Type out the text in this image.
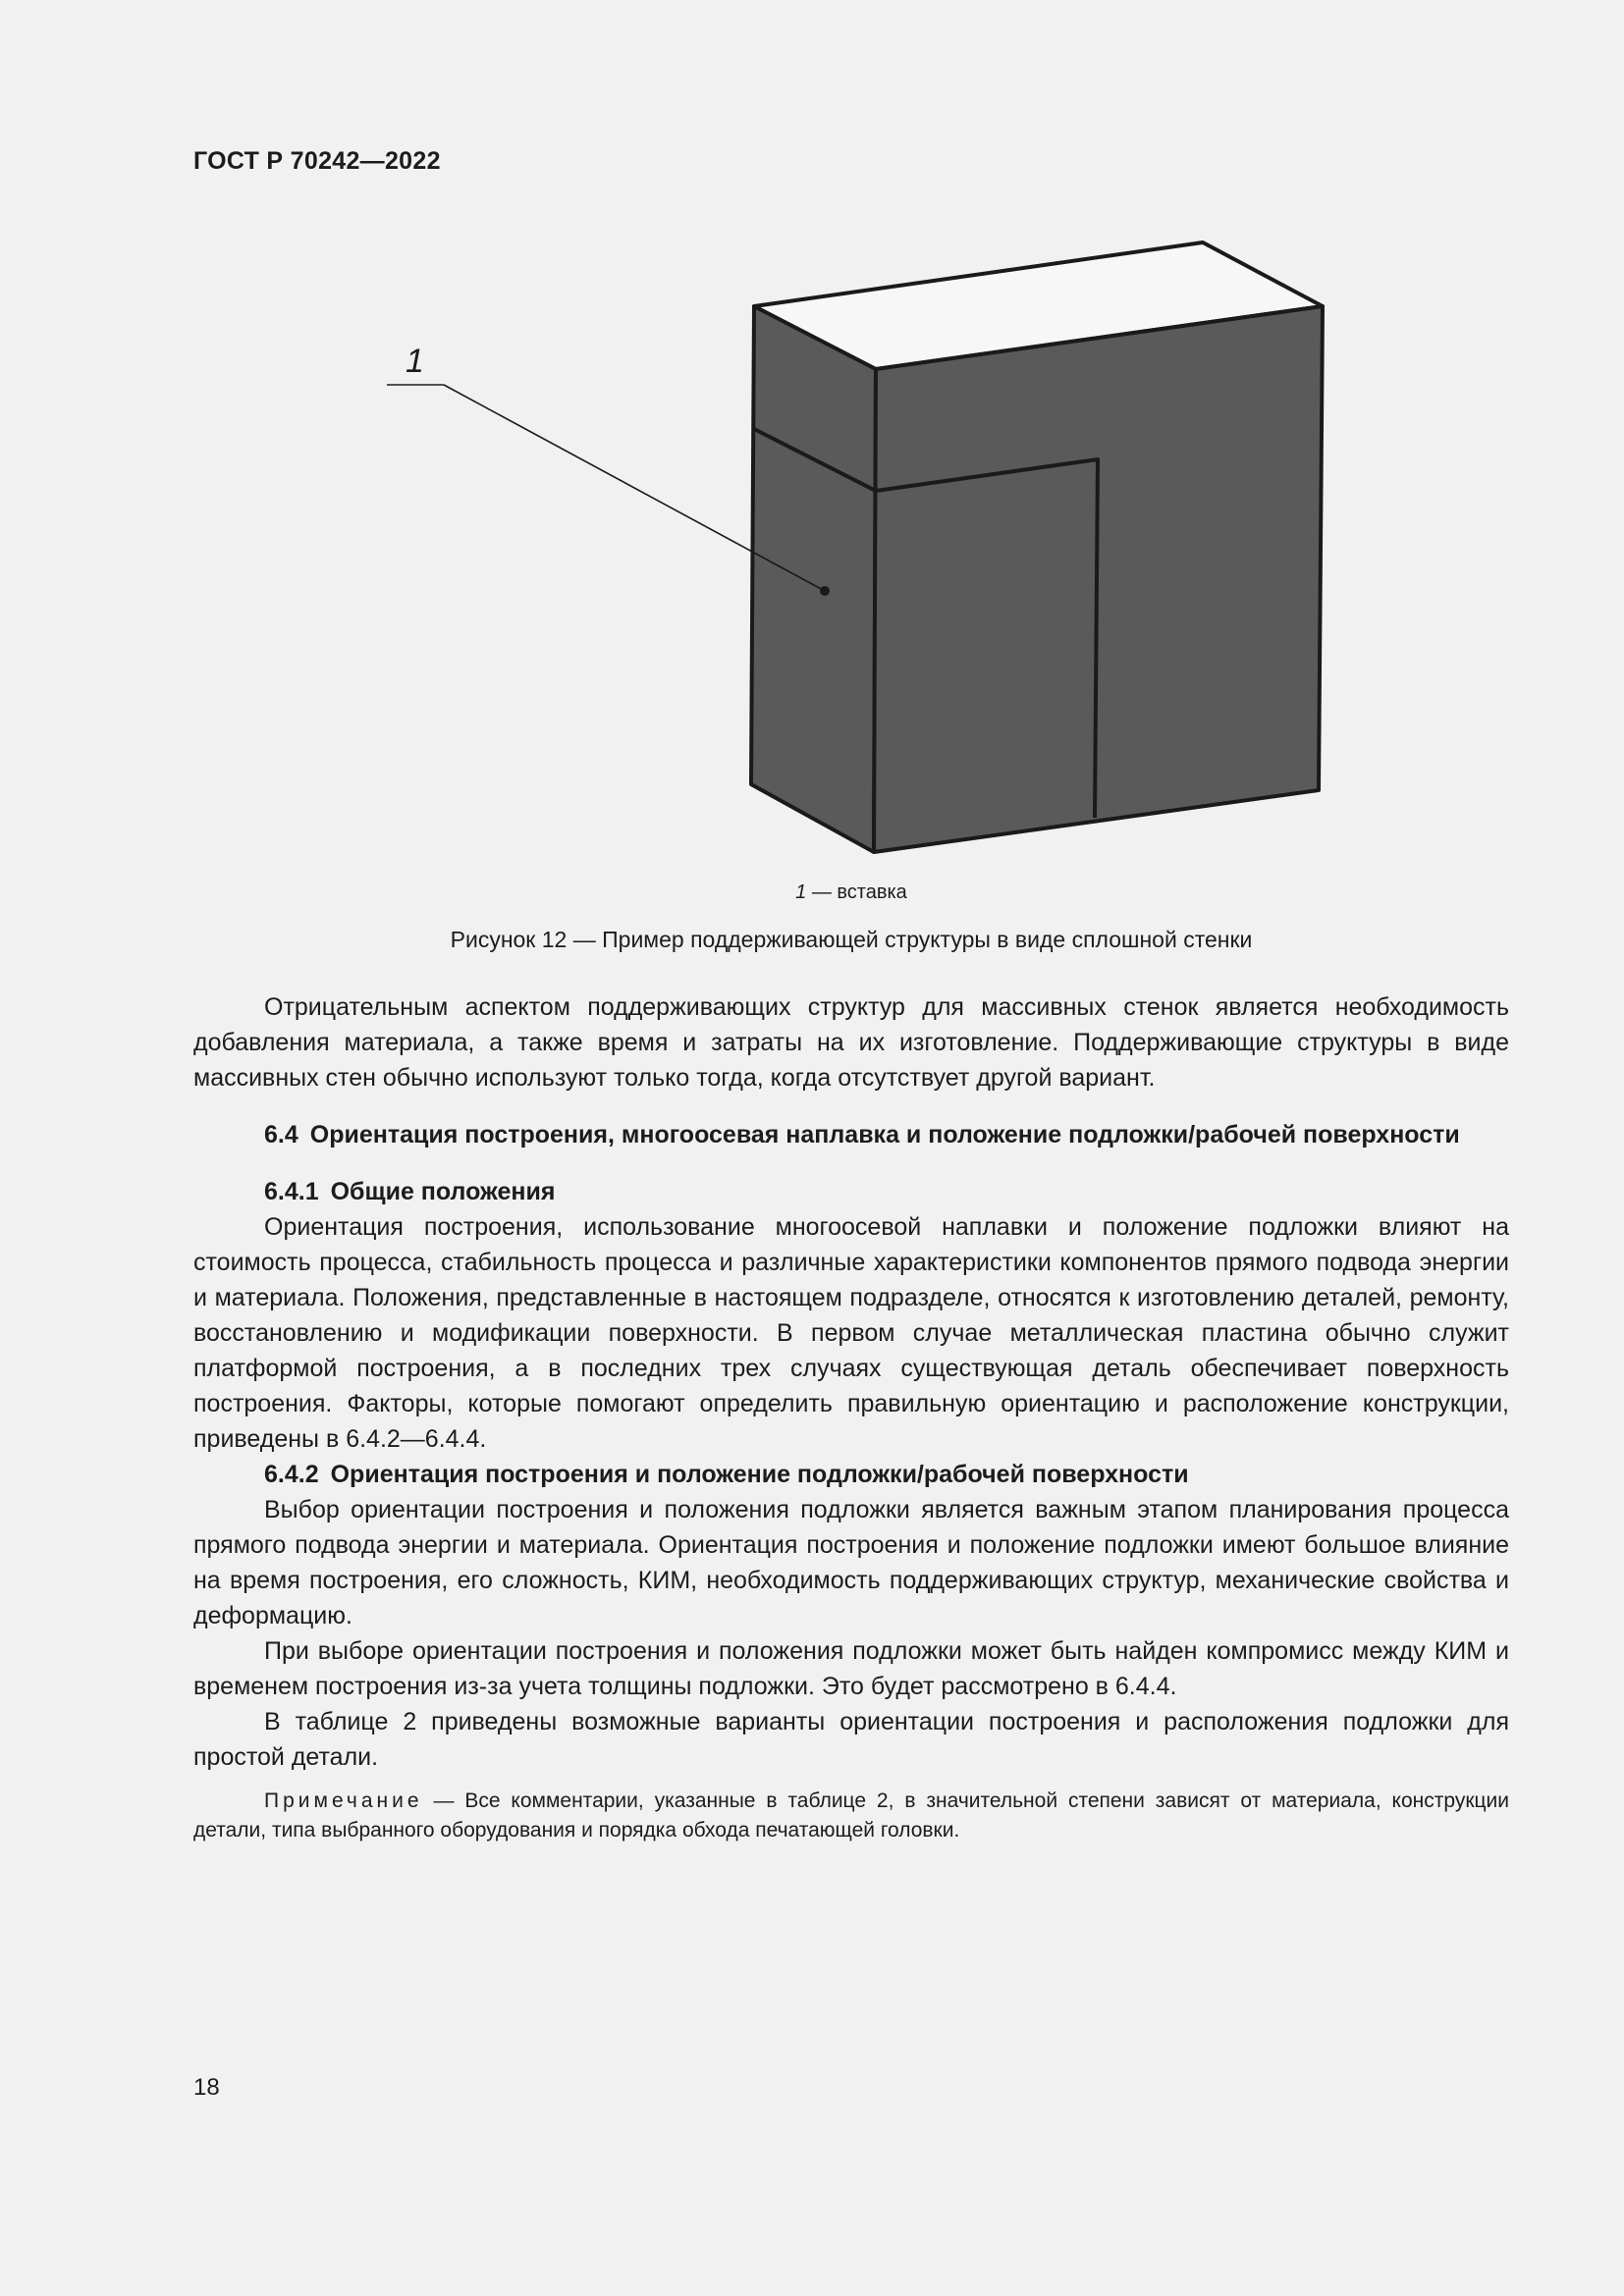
ГОСТ Р 70242—2022
1
1 — вставка
Рисунок 12 — Пример поддерживающей структуры в виде сплошной стенки

Отрицательным аспектом поддерживающих структур для массивных стенок является необходимость добавления материала, а также время и затраты на их изготовление. Поддерживающие структуры в виде массивных стен обычно используют только тогда, когда отсутствует другой вариант.

6.4 Ориентация построения, многоосевая наплавка и положение подложки/рабочей поверхности

6.4.1 Общие положения

Ориентация построения, использование многоосевой наплавки и положение подложки влияют на стоимость процесса, стабильность процесса и различные характеристики компонентов прямого подвода энергии и материала. Положения, представленные в настоящем подразделе, относятся к изготовлению деталей, ремонту, восстановлению и модификации поверхности. В первом случае металлическая пластина обычно служит платформой построения, а в последних трех случаях существующая деталь обеспечивает поверхность построения. Факторы, которые помогают определить правильную ориентацию и расположение конструкции, приведены в 6.4.2—6.4.4.

6.4.2 Ориентация построения и положение подложки/рабочей поверхности

Выбор ориентации построения и положения подложки является важным этапом планирования процесса прямого подвода энергии и материала. Ориентация построения и положение подложки имеют большое влияние на время построения, его сложность, КИМ, необходимость поддерживающих структур, механические свойства и деформацию.

При выборе ориентации построения и положения подложки может быть найден компромисс между КИМ и временем построения из-за учета толщины подложки. Это будет рассмотрено в 6.4.4.

В таблице 2 приведены возможные варианты ориентации построения и расположения подложки для простой детали.

Примечание — Все комментарии, указанные в таблице 2, в значительной степени зависят от материала, конструкции детали, типа выбранного оборудования и порядка обхода печатающей головки.

18
